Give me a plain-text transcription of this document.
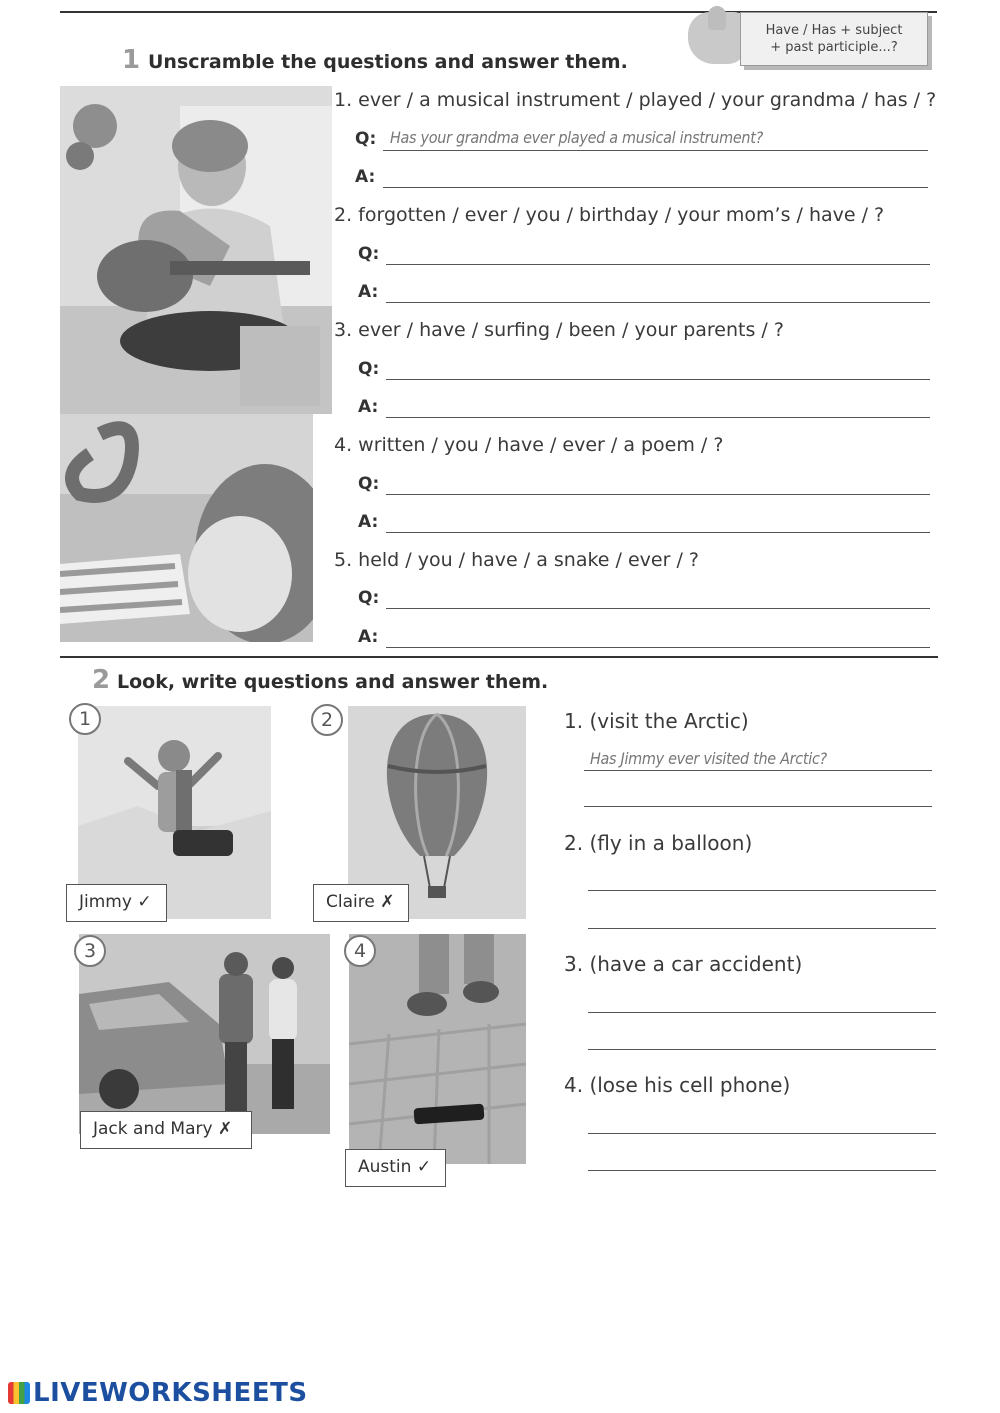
Have / Has + subject + past participle...?
1 Unscramble the questions and answer them.
1. ever / a musical instrument / played / your grandma / has / ?
Q: Has your grandma ever played a musical instrument?
A:
2. forgotten / ever / you / birthday / your mom’s / have / ?
Q:
A:
3. ever / have / surfing / been / your parents / ?
Q:
A:
4. written / you / have / ever / a poem / ?
Q:
A:
5. held / you / have / a snake / ever / ?
Q:
A:
2 Look, write questions and answer them.
1
Jimmy ✓
2
Claire ✗
3
Jack and Mary ✗
4
Austin ✓
1. (visit the Arctic)
Has Jimmy ever visited the Arctic?
2. (fly in a balloon)
3. (have a car accident)
4. (lose his cell phone)
LIVEWORKSHEETS
